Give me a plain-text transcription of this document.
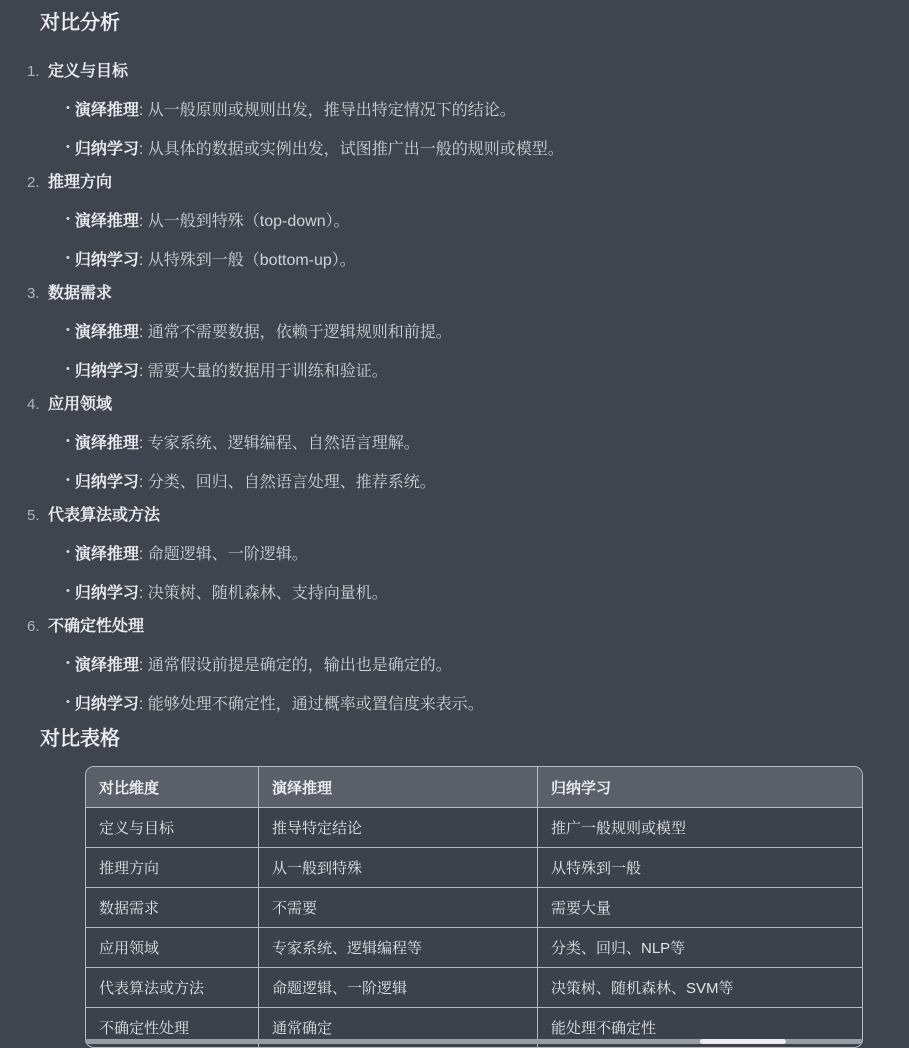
对比分析
1. 定义与目标
• 演绎推理: 从一般原则或规则出发，推导出特定情况下的结论。
• 归纳学习: 从具体的数据或实例出发，试图推广出一般的规则或模型。
2. 推理方向
• 演绎推理: 从一般到特殊（top-down）。
• 归纳学习: 从特殊到一般（bottom-up）。
3. 数据需求
• 演绎推理: 通常不需要数据，依赖于逻辑规则和前提。
• 归纳学习: 需要大量的数据用于训练和验证。
4. 应用领域
• 演绎推理: 专家系统、逻辑编程、自然语言理解。
• 归纳学习: 分类、回归、自然语言处理、推荐系统。
5. 代表算法或方法
• 演绎推理: 命题逻辑、一阶逻辑。
• 归纳学习: 决策树、随机森林、支持向量机。
6. 不确定性处理
• 演绎推理: 通常假设前提是确定的，输出也是确定的。
• 归纳学习: 能够处理不确定性，通过概率或置信度来表示。
对比表格
对比维度	演绎推理	归纳学习
定义与目标	推导特定结论	推广一般规则或模型
推理方向	从一般到特殊	从特殊到一般
数据需求	不需要	需要大量
应用领域	专家系统、逻辑编程等	分类、回归、NLP等
代表算法或方法	命题逻辑、一阶逻辑	决策树、随机森林、SVM等
不确定性处理	通常确定	能处理不确定性
